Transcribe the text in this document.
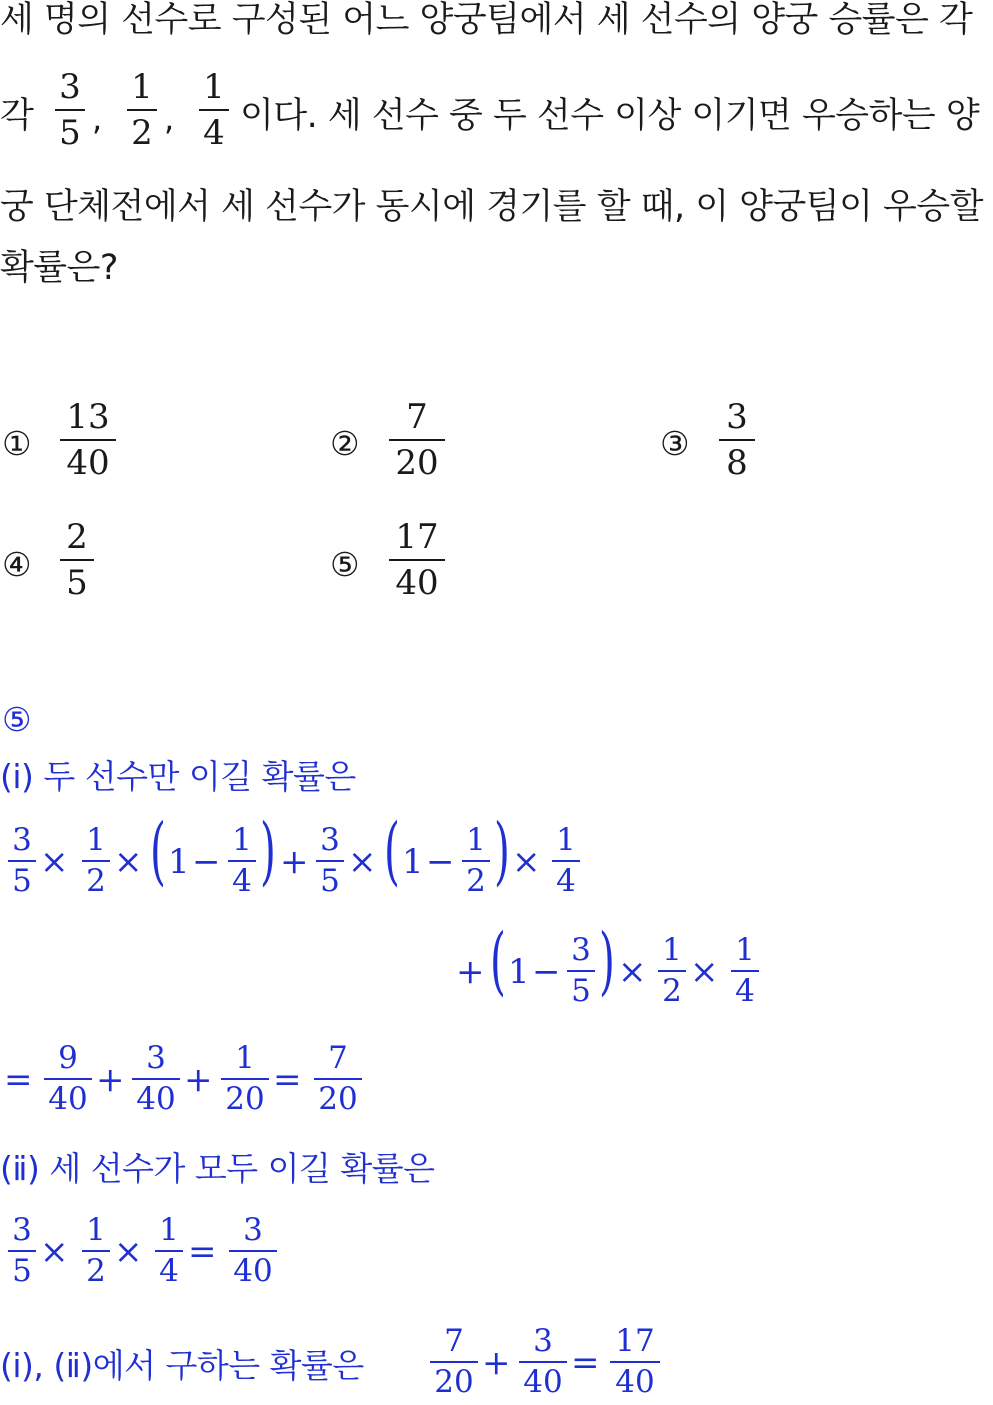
세 명의 선수로 구성된 어느 양궁팀에서 세 선수의 양궁 승률은 각
각
3
5 ,
1
2 ,
1
4 이다. 세 선수 중 두 선수 이상 이기면 우승하는 양
궁 단체전에서 세 선수가 동시에 경기를 할 때, 이 양궁팀이 우승할
확률은?
①
13
40	②
7
20	③
3
8
④
2
5	⑤
17
40
⑤
(ⅰ) 두 선수만 이길 확률은
3
5 ×
1
2 × ( 1 −
1
4 ) +
3
5 × ( 1 −
1
2 ) ×
1
4
+ ( 1 −
3
5 ) ×
1
2 ×
1
4
=
9
40 +
3
40 +
1
20 =
7
20
(ⅱ) 세 선수가 모두 이길 확률은
3
5 ×
1
2 ×
1
4 =
3
40
(ⅰ), (ⅱ)에서 구하는 확률은
7
20 +
3
40 =
17
40
